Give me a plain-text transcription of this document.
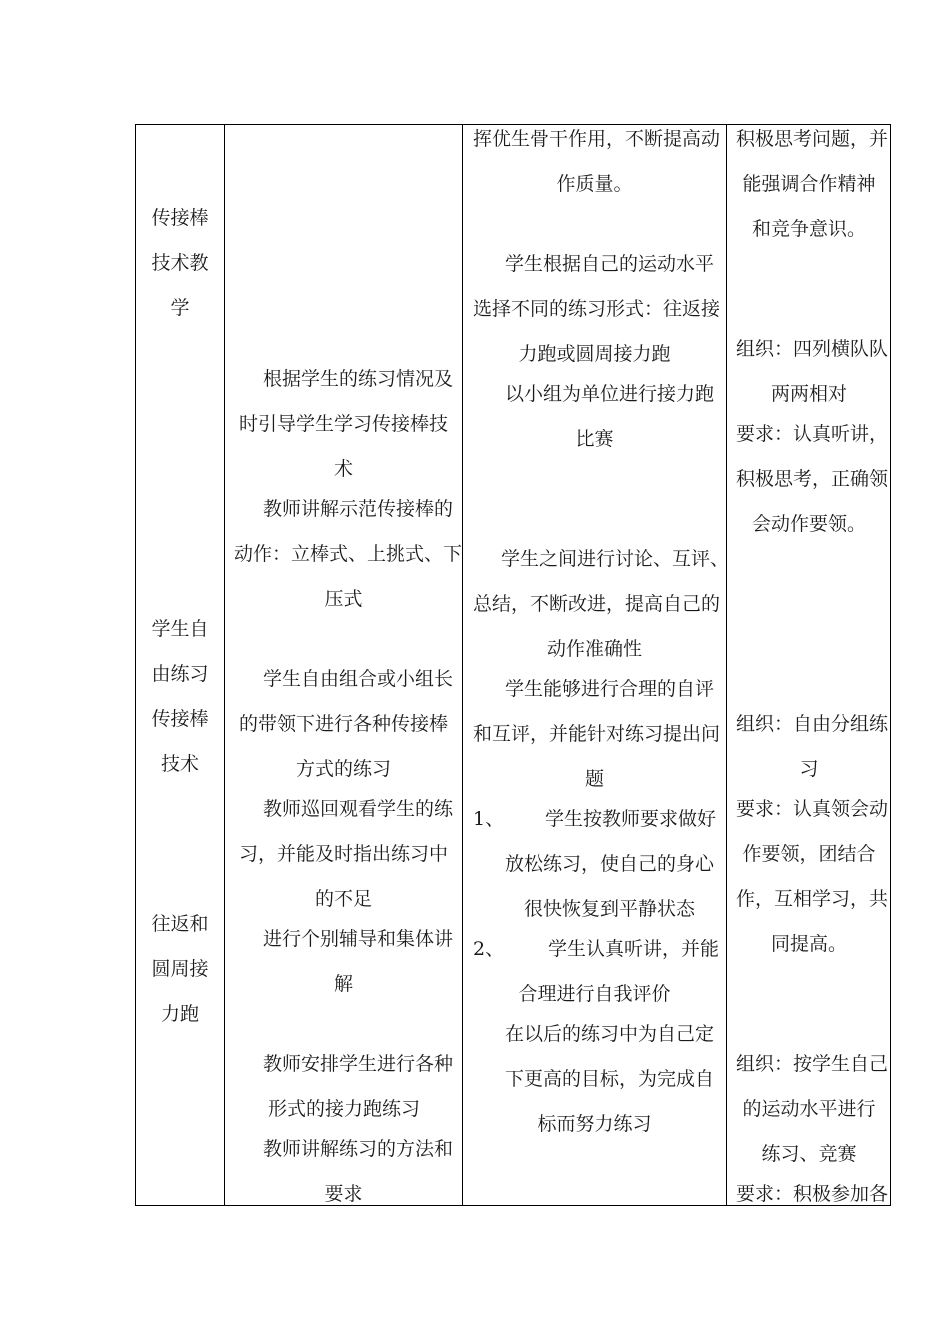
传接棒
技术教
学
学生自
由练习
传接棒
技术
往返和
圆周接
力跑
根据学生的练习情况及
时引导学生学习传接棒技
术
教师讲解示范传接棒的
动作：立棒式、上挑式、下
压式
学生自由组合或小组长
的带领下进行各种传接棒
方式的练习
教师巡回观看学生的练
习，并能及时指出练习中
的不足
进行个别辅导和集体讲
解
教师安排学生进行各种
形式的接力跑练习
教师讲解练习的方法和
要求
挥优生骨干作用，不断提高动
作质量。
学生根据自己的运动水平
选择不同的练习形式：往返接
力跑或圆周接力跑
以小组为单位进行接力跑
比赛
学生之间进行讨论、互评、
总结，不断改进，提高自己的
动作准确性
学生能够进行合理的自评
和互评，并能针对练习提出问
题
1、 学生按教师要求做好
放松练习，使自己的身心
很快恢复到平静状态
2、 学生认真听讲，并能
合理进行自我评价
在以后的练习中为自己定
下更高的目标，为完成自
标而努力练习
积极思考问题，并
能强调合作精神
和竞争意识。
组织：四列横队队
两两相对
要求：认真听讲，
积极思考，正确领
会动作要领。
组织：自由分组练
习
要求：认真领会动
作要领，团结合
作，互相学习，共
同提高。
组织：按学生自己
的运动水平进行
练习、竞赛
要求：积极参加各
